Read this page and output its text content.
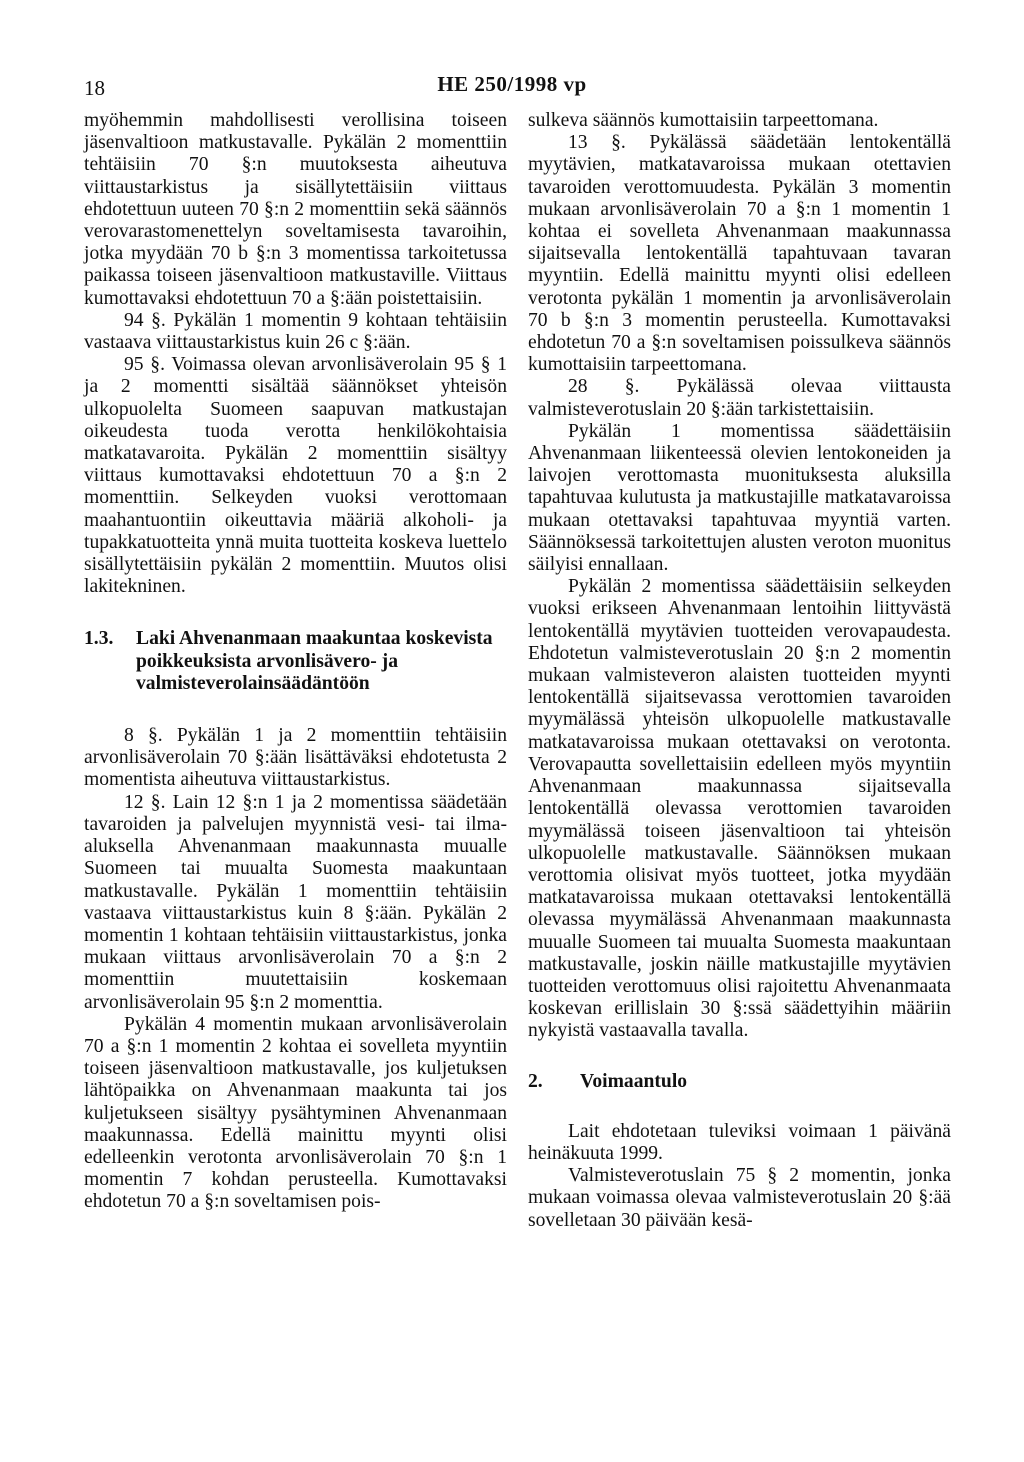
18	HE 250/1998 vp

myöhemmin mahdollisesti verollisina toiseen jäsenvaltioon matkustavalle. Pykälän 2 momenttiin tehtäisiin 70 §:n muutoksesta aiheutuva viittaustarkistus ja sisällytettäisiin viittaus ehdotettuun uuteen 70 §:n 2 momenttiin sekä säännös verovarastomenettelyn soveltamisesta tavaroihin, jotka myydään 70 b §:n 3 momentissa tarkoitetussa paikassa toiseen jäsenvaltioon matkustaville. Viittaus kumottavaksi ehdotettuun 70 a §:ään poistettaisiin.

94 §. Pykälän 1 momentin 9 kohtaan tehtäisiin vastaava viittaustarkistus kuin 26 c §:ään.

95 §. Voimassa olevan arvonlisäverolain 95 § 1 ja 2 momentti sisältää säännökset yhteisön ulkopuolelta Suomeen saapuvan matkustajan oikeudesta tuoda verotta henkilökohtaisia matkatavaroita. Pykälän 2 momenttiin sisältyy viittaus kumottavaksi ehdotettuun 70 a §:n 2 momenttiin. Selkeyden vuoksi verottomaan maahantuontiin oikeuttavia määriä alkoholi- ja tupakkatuotteita ynnä muita tuotteita koskeva luettelo sisällytettäisiin pykälän 2 momenttiin. Muutos olisi lakitekninen.

1.3.	Laki Ahvenanmaan maakuntaa koskevista poikkeuksista arvonlisävero- ja valmisteverolainsäädäntöön

8 §. Pykälän 1 ja 2 momenttiin tehtäisiin arvonlisäverolain 70 §:ään lisättäväksi ehdotetusta 2 momentista aiheutuva viittaustarkistus.

12 §. Lain 12 §:n 1 ja 2 momentissa säädetään tavaroiden ja palvelujen myynnistä vesi- tai ilma-aluksella Ahvenanmaan maakunnasta muualle Suomeen tai muualta Suomesta maakuntaan matkustavalle. Pykälän 1 momenttiin tehtäisiin vastaava viittaustarkistus kuin 8 §:ään. Pykälän 2 momentin 1 kohtaan tehtäisiin viittaustarkistus, jonka mukaan viittaus arvonlisäverolain 70 a §:n 2 momenttiin muutettaisiin koskemaan arvonlisäverolain 95 §:n 2 momenttia.

Pykälän 4 momentin mukaan arvonlisäverolain 70 a §:n 1 momentin 2 kohtaa ei sovelleta myyntiin toiseen jäsenvaltioon matkustavalle, jos kuljetuksen lähtöpaikka on Ahvenanmaan maakunta tai jos kuljetukseen sisältyy pysähtyminen Ahvenanmaan maakunnassa. Edellä mainittu myynti olisi edelleenkin verotonta arvonlisäverolain 70 §:n 1 momentin 7 kohdan perusteella. Kumottavaksi ehdotetun 70 a §:n soveltamisen pois-

sulkeva säännös kumottaisiin tarpeettomana.

13 §. Pykälässä säädetään lentokentällä myytävien, matkatavaroissa mukaan otettavien tavaroiden verottomuudesta. Pykälän 3 momentin mukaan arvonlisäverolain 70 a §:n 1 momentin 1 kohtaa ei sovelleta Ahvenanmaan maakunnassa sijaitsevalla lentokentällä tapahtuvaan tavaran myyntiin. Edellä mainittu myynti olisi edelleen verotonta pykälän 1 momentin ja arvonlisäverolain 70 b §:n 3 momentin perusteella. Kumottavaksi ehdotetun 70 a §:n soveltamisen poissulkeva säännös kumottaisiin tarpeettomana.

28 §. Pykälässä olevaa viittausta valmisteverotuslain 20 §:ään tarkistettaisiin.

Pykälän 1 momentissa säädettäisiin Ahvenanmaan liikenteessä olevien lentokoneiden ja laivojen verottomasta muonituksesta aluksilla tapahtuvaa kulutusta ja matkustajille matkatavaroissa mukaan otettavaksi tapahtuvaa myyntiä varten. Säännöksessä tarkoitettujen alusten veroton muonitus säilyisi ennallaan.

Pykälän 2 momentissa säädettäisiin selkeyden vuoksi erikseen Ahvenanmaan lentoihin liittyvästä lentokentällä myytävien tuotteiden verovapaudesta. Ehdotetun valmisteverotuslain 20 §:n 2 momentin mukaan valmisteveron alaisten tuotteiden myynti lentokentällä sijaitsevassa verottomien tavaroiden myymälässä yhteisön ulkopuolelle matkustavalle matkatavaroissa mukaan otettavaksi on verotonta. Verovapautta sovellettaisiin edelleen myös myyntiin Ahvenanmaan maakunnassa sijaitsevalla lentokentällä olevassa verottomien tavaroiden myymälässä toiseen jäsenvaltioon tai yhteisön ulkopuolelle matkustavalle. Säännöksen mukaan verottomia olisivat myös tuotteet, jotka myydään matkatavaroissa mukaan otettavaksi lentokentällä olevassa myymälässä Ahvenanmaan maakunnasta muualle Suomeen tai muualta Suomesta maakuntaan matkustavalle, joskin näille matkustajille myytävien tuotteiden verottomuus olisi rajoitettu Ahvenanmaata koskevan erillislain 30 §:ssä säädettyihin määriin nykyistä vastaavalla tavalla.

2.	Voimaantulo

Lait ehdotetaan tuleviksi voimaan 1 päivänä heinäkuuta 1999.

Valmisteverotuslain 75 § 2 momentin, jonka mukaan voimassa olevaa valmisteverotuslain 20 §:ää sovelletaan 30 päivään kesä-
